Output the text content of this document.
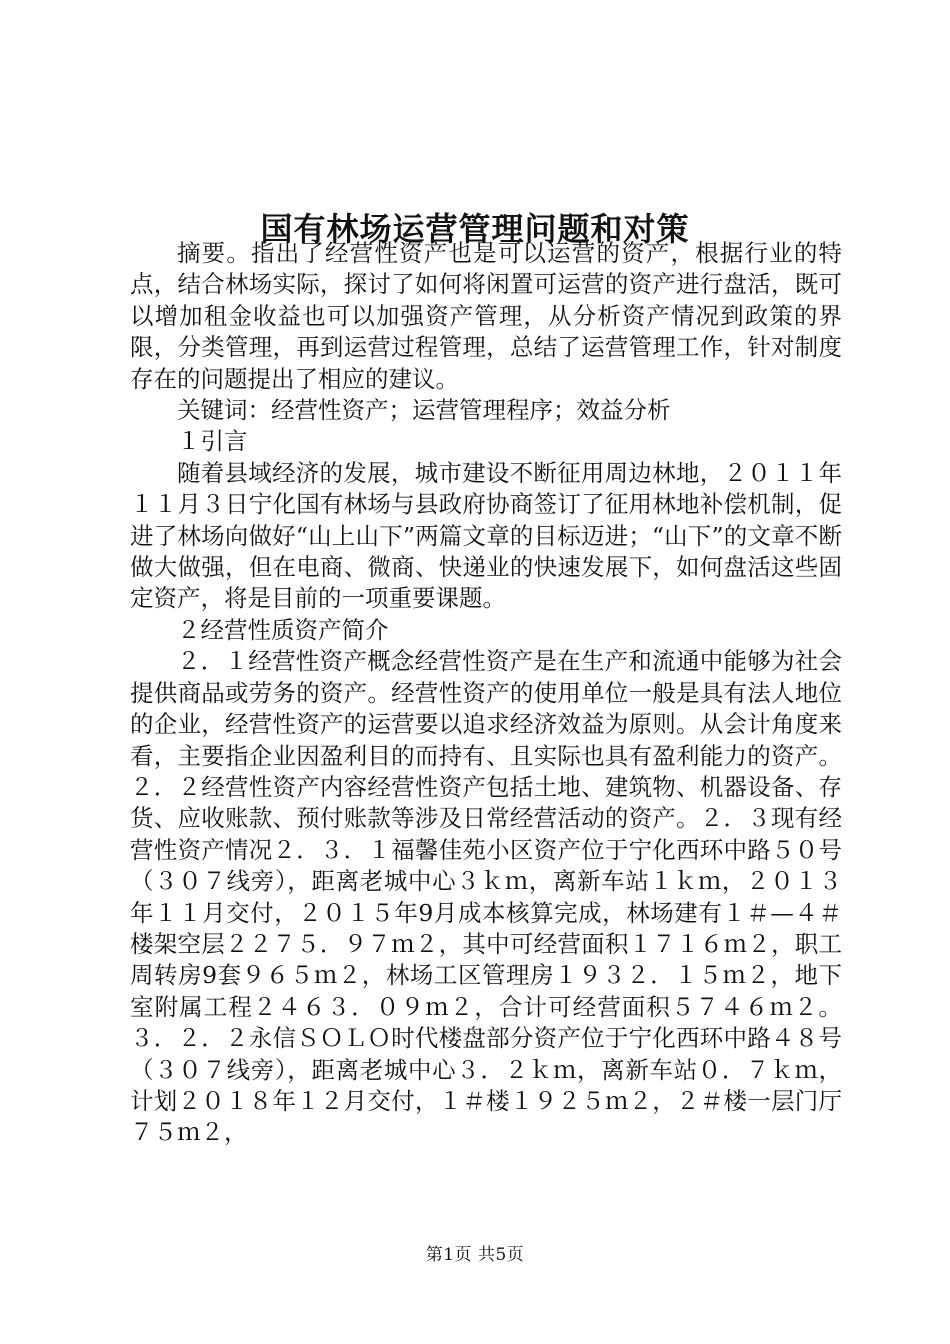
国有林场运营管理问题和对策

摘要。指出了经营性资产也是可以运营的资产，根据行业的特点，结合林场实际，探讨了如何将闲置可运营的资产进行盘活，既可以增加租金收益也可以加强资产管理，从分析资产情况到政策的界限，分类管理，再到运营过程管理，总结了运营管理工作，针对制度存在的问题提出了相应的建议。

关键词：经营性资产；运营管理程序；效益分析

１引言

随着县域经济的发展，城市建设不断征用周边林地，２０１１年１１月３日宁化国有林场与县政府协商签订了征用林地补偿机制，促进了林场向做好“山上山下”两篇文章的目标迈进；“山下”的文章不断做大做强，但在电商、微商、快递业的快速发展下，如何盘活这些固定资产，将是目前的一项重要课题。

２经营性质资产简介

２．１经营性资产概念经营性资产是在生产和流通中能够为社会提供商品或劳务的资产。经营性资产的使用单位一般是具有法人地位的企业，经营性资产的运营要以追求经济效益为原则。从会计角度来看，主要指企业因盈利目的而持有、且实际也具有盈利能力的资产。２．２经营性资产内容经营性资产包括土地、建筑物、机器设备、存货、应收账款、预付账款等涉及日常经营活动的资产。２．３现有经营性资产情况２．３．１福馨佳苑小区资产位于宁化西环中路５０号（３０７线旁），距离老城中心３ｋｍ，离新车站１ｋｍ，２０１３年１１月交付，２０１５年9月成本核算完成，林场建有１＃—４＃楼架空层２２７５．９７ｍ２，其中可经营面积１７１６ｍ２，职工周转房9套９６５ｍ２，林场工区管理房１９３２．１５ｍ２，地下室附属工程２４６３．０９ｍ２，合计可经营面积５７４６ｍ２。３．２．２永信ＳＯＬＯ时代楼盘部分资产位于宁化西环中路４８号（３０７线旁），距离老城中心３．２ｋｍ，离新车站０．７ｋｍ，计划２０１８年１２月交付，１＃楼１９２５ｍ２，２＃楼一层门厅７５ｍ２，

第1页 共5页
